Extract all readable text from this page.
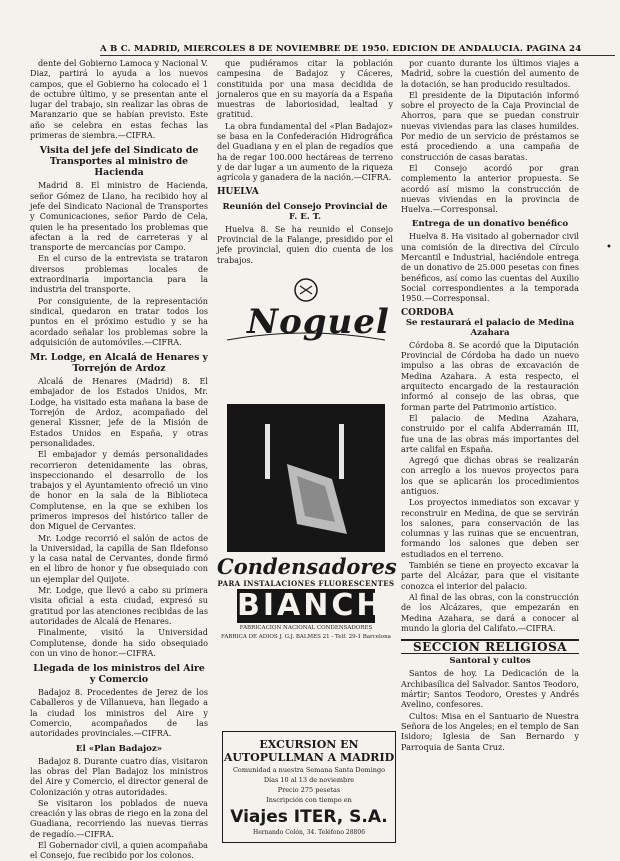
A B C. MADRID, MIERCOLES 8 DE NOVIEMBRE DE 1950. EDICION DE ANDALUCIA. PAGINA 24

dente del Gobierno Lamoca y Nacional V. Diaz, partirá lo ayuda a los nuevos campos, que el Gobierno ha colocado el 1 de octubre último, y se presentan ante el lugar del trabajo, sin realizar las obras de Maranzario que se habían previsto. Este año se celebra en estas fechas las primeras de siembra.—CIFRA.

Visita del jefe del Sindicato de Transportes al ministro de Hacienda

Madrid 8. El ministro de Hacienda, señor Gómez de Llano, ha recibido hoy al jefe del Sindicato Nacional de Transportes y Comunicaciones, señor Pardo de Cela, quien le ha presentado los problemas que afectan a la red de carreteras y al transporte de mercancías por Campo.

En el curso de la entrevista se trataron diversos problemas locales de extraordinaria importancia para la industria del transporte.

Por consiguiente, de la representación sindical, quedaron en tratar todos los puntos en el próximo estudio y se ha acordado señalar los problemas sobre la adquisición de automóviles.—CIFRA.

Mr. Lodge, en Alcalá de Henares y Torrejón de Ardoz

Alcalá de Henares (Madrid) 8. El embajador de los Estados Unidos, Mr. Lodge, ha visitado esta mañana la base de Torrejón de Ardoz, acompañado del general Kissner, jefe de la Misión de Estados Unidos en España, y otras personalidades.

El embajador y demás personalidades recorrieron detenidamente las obras, inspeccionando el desarrollo de los trabajos y el Ayuntamiento ofreció un vino de honor en la sala de la Biblioteca Complutense, en la que se exhiben los primeros impresos del histórico taller de don Miguel de Cervantes.

Mr. Lodge recorrió el salón de actos de la Universidad, la capilla de San Ildefonso y la casa natal de Cervantes, donde firmó en el libro de honor y fue obsequiado con un ejemplar del Quijote.

Mr. Lodge, que llevó a cabo su primera visita oficial a esta ciudad, expresó su gratitud por las atenciones recibidas de las autoridades de Alcalá de Henares.

Finalmente, visitó la Universidad Complutense, donde ha sido obsequiado con un vino de honor.—CIFRA.

Llegada de los ministros del Aire y Comercio

Badajoz 8. Procedentes de Jerez de los Caballeros y de Villanueva, han llegado a la ciudad los ministros del Aire y Comercio, acompañados de las autoridades provinciales.—CIFRA.

El «Plan Badajoz»

Badajoz 8. Durante cuatro días, visitaron las obras del Plan Badajoz los ministros del Aire y Comercio, el director general de Colonización y otras autoridades.

Se visitaron los poblados de nueva creación y las obras de riego en la zona del Guadiana, recorriendo las nuevas tierras de regadío.—CIFRA.

El Gobernador civil, a quien acompañaba el Consejo, fue recibido por los colonos.

que pudiéramos citar la población campesina de Badajoz y Cáceres, constituida por una masa decidida de jornaleros que en su mayoría da a España muestras de laboriosidad, lealtad y gratitud.

La obra fundamental del «Plan Badajoz» se basa en la Confederación Hidrográfica del Guadiana y en el plan de regadíos que ha de regar 100.000 hectáreas de terreno y de dar lugar a un aumento de la riqueza agrícola y ganadera de la nación.—CIFRA.

HUELVA
Reunión del Consejo Provincial de F. E. T.

Huelva 8. Se ha reunido el Consejo Provincial de la Falange, presidido por el jefe provincial, quien dio cuenta de los trabajos.

Noguel
Condensadores
PARA INSTALACIONES FLUORESCENTES
BIANCHI
FABRICACION NACIONAL CONDENSADORES
FABRICA DE ADIOS J. G.J. BALMES 21 - Telf. 29-1 Barcelona
EXCURSION EN
AUTOPULLMAN A MADRID
Comunidad a nuestra Semana Santa Domingo
Días 10 al 13 de noviembre
Precio 275 pesetas
Inscripción con tiempo en
Viajes ITER, S.A.
Hernando Colón, 34. Teléfono 28806

por cuanto durante los últimos viajes a Madrid, sobre la cuestión del aumento de la dotación, se han producido resultados.

El presidente de la Diputación informó sobre el proyecto de la Caja Provincial de Ahorros, para que se puedan construir nuevas viviendas para las clases humildes. Por medio de un servicio de préstamos se está procediendo a una campaña de construcción de casas baratas.

El Consejo acordó por gran complemento la anterior propuesta. Se acordó así mismo la construcción de nuevas viviendas en la provincia de Huelva.—Corresponsal.

Entrega de un donativo benéfico

Huelva 8. Ha visitado al gobernador civil una comisión de la directiva del Círculo Mercantil e Industrial, haciéndole entrega de un donativo de 25.000 pesetas con fines benéficos, así como las cuentas del Auxilio Social correspondientes a la temporada 1950.—Corresponsal.

CORDOBA
Se restaurará el palacio de Medina Azahara

Córdoba 8. Se acordó que la Diputación Provincial de Córdoba ha dado un nuevo impulso a las obras de excavación de Medina Azahara. A esta respecto, el arquitecto encargado de la restauración informó al consejo de las obras, que forman parte del Patrimonio artístico.

El palacio de Medina Azahara, construido por el califa Abderramán III, fue una de las obras más importantes del arte califal en España.

Agregó que dichas obras se realizarán con arreglo a los nuevos proyectos para los que se aplicarán los procedimientos antiguos.

Los proyectos inmediatos son excavar y reconstruir en Medina, de que se servirán los salones, para conservación de las columnas y las ruinas que se encuentran, formando los salones que deben ser estudiados en el terreno.

También se tiene en proyecto excavar la parte del Alcázar, para que el visitante conozca el interior del palacio.

Al final de las obras, con la construcción de los Alcázares, que empezarán en Medina Azahara, se dará a conocer al mundo la gloria del Califato.—CIFRA.

SECCION RELIGIOSA
Santoral y cultos

Santos de hoy. La Dedicación de la Archibasílica del Salvador. Santos Teodoro, mártir; Santos Teodoro, Orestes y Andrés Avelino, confesores.

Cultos: Misa en el Santuario de Nuestra Señora de los Angeles; en el templo de San Isidoro; Iglesia de San Bernardo y Parroquia de Santa Cruz.

•
